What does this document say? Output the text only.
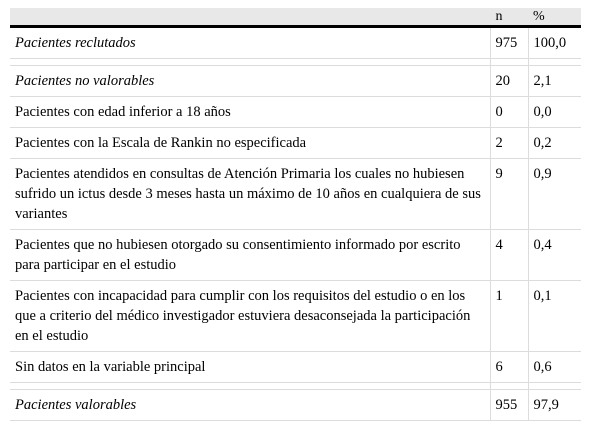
	n	%
Pacientes reclutados	975	100,0

Pacientes no valorables	20	2,1
Pacientes con edad inferior a 18 años	0	0,0
Pacientes con la Escala de Rankin no especificada	2	0,2
Pacientes atendidos en consultas de Atención Primaria los cuales no hubiesen sufrido un ictus desde 3 meses hasta un máximo de 10 años en cualquiera de sus variantes	9	0,9
Pacientes que no hubiesen otorgado su consentimiento informado por escrito para participar en el estudio	4	0,4
Pacientes con incapacidad para cumplir con los requisitos del estudio o en los que a criterio del médico investigador estuviera desaconsejada la participación en el estudio	1	0,1
Sin datos en la variable principal	6	0,6

Pacientes valorables	955	97,9
